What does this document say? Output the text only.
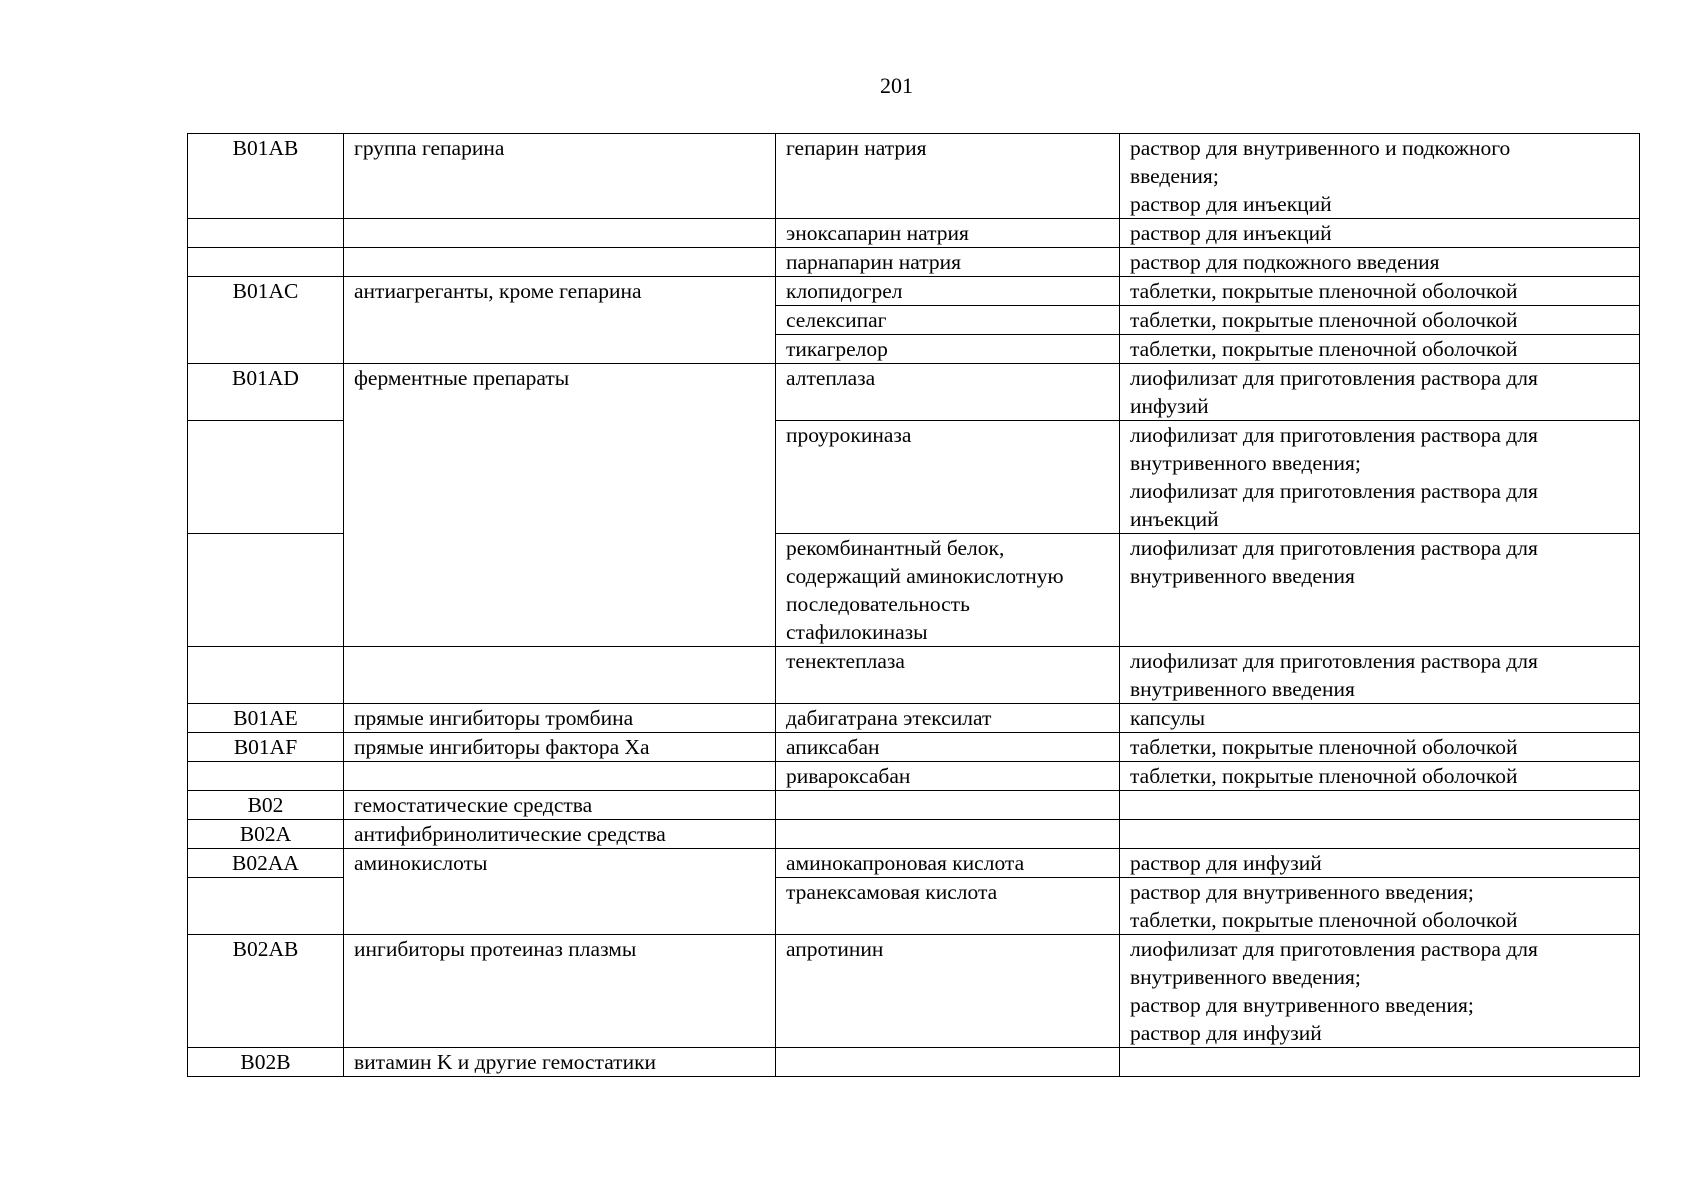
201
B01AB	группа гепарина	гепарин натрия	раствор для внутривенного и подкожного
введения;
раствор для инъекций

		эноксапарин натрия	раствор для инъекций

		парнапарин натрия	раствор для подкожного введения

B01AC	антиагреганты, кроме гепарина	клопидогрел	таблетки, покрытые пленочной оболочкой

		селексипаг	таблетки, покрытые пленочной оболочкой

		тикагрелор	таблетки, покрытые пленочной оболочкой

B01AD	ферментные препараты	алтеплаза	лиофилизат для приготовления раствора для
инфузий

		проурокиназа	лиофилизат для приготовления раствора для
внутривенного введения;
лиофилизат для приготовления раствора для
инъекций

		рекомбинантный белок,
содержащий аминокислотную
последовательность
стафилокиназы	лиофилизат для приготовления раствора для
внутривенного введения

		тенектеплаза	лиофилизат для приготовления раствора для
внутривенного введения

B01AE	прямые ингибиторы тромбина	дабигатрана этексилат	капсулы

B01AF	прямые ингибиторы фактора Xa	апиксабан	таблетки, покрытые пленочной оболочкой

		ривароксабан	таблетки, покрытые пленочной оболочкой

B02	гемостатические средства		

B02A	антифибринолитические средства		

B02AA	аминокислоты	аминокапроновая кислота	раствор для инфузий

		транексамовая кислота	раствор для внутривенного введения;
таблетки, покрытые пленочной оболочкой

B02AB	ингибиторы протеиназ плазмы	апротинин	лиофилизат для приготовления раствора для
внутривенного введения;
раствор для внутривенного введения;
раствор для инфузий

B02B	витамин K и другие гемостатики		
